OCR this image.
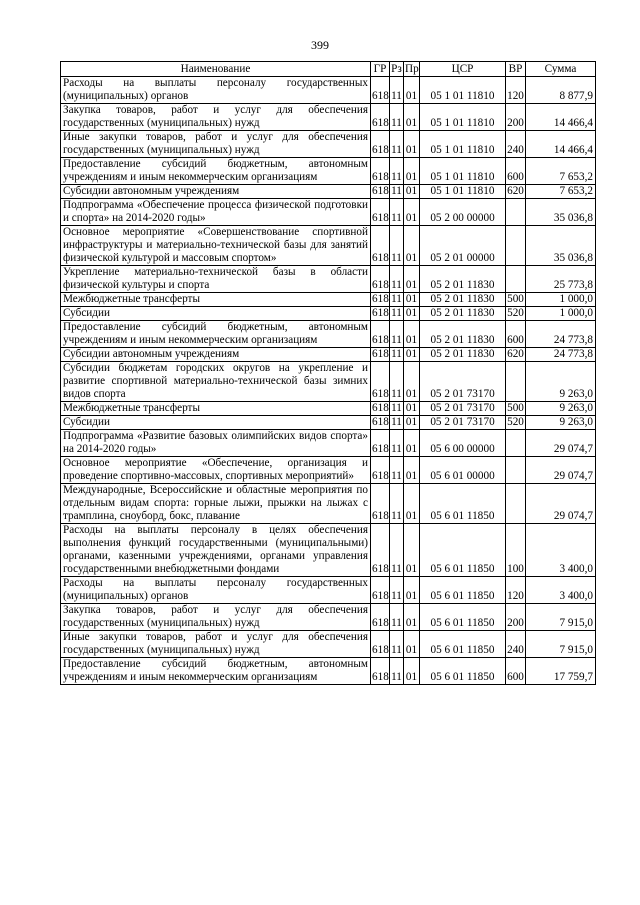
399
Наименование	ГР	Рз	Пр	ЦСР	ВР	Сумма
Расходы на выплаты персоналу государственных (муниципальных) органов	618	11	01	05 1 01 11810	120	8 877,9
Закупка товаров, работ и услуг для обеспечения государственных (муниципальных) нужд	618	11	01	05 1 01 11810	200	14 466,4
Иные закупки товаров, работ и услуг для обеспечения государственных (муниципальных) нужд	618	11	01	05 1 01 11810	240	14 466,4
Предоставление субсидий бюджетным, автономным учреждениям и иным некоммерческим организациям	618	11	01	05 1 01 11810	600	7 653,2
Субсидии автономным учреждениям	618	11	01	05 1 01 11810	620	7 653,2
Подпрограмма «Обеспечение процесса физической подготовки и спорта» на 2014-2020 годы»	618	11	01	05 2 00 00000		35 036,8
Основное мероприятие «Совершенствование спортивной инфраструктуры и материально-технической базы для занятий физической культурой и массовым спортом»	618	11	01	05 2 01 00000		35 036,8
Укрепление материально-технической базы в области физической культуры и спорта	618	11	01	05 2 01 11830		25 773,8
Межбюджетные трансферты	618	11	01	05 2 01 11830	500	1 000,0
Субсидии	618	11	01	05 2 01 11830	520	1 000,0
Предоставление субсидий бюджетным, автономным учреждениям и иным некоммерческим организациям	618	11	01	05 2 01 11830	600	24 773,8
Субсидии автономным учреждениям	618	11	01	05 2 01 11830	620	24 773,8
Субсидии бюджетам городских округов на укрепление и развитие спортивной материально-технической базы зимних видов спорта	618	11	01	05 2 01 73170		9 263,0
Межбюджетные трансферты	618	11	01	05 2 01 73170	500	9 263,0
Субсидии	618	11	01	05 2 01 73170	520	9 263,0
Подпрограмма «Развитие базовых олимпийских видов спорта» на 2014-2020 годы»	618	11	01	05 6 00 00000		29 074,7
Основное мероприятие «Обеспечение, организация и проведение спортивно-массовых, спортивных мероприятий»	618	11	01	05 6 01 00000		29 074,7
Международные, Всероссийские и областные мероприятия по отдельным видам спорта: горные лыжи, прыжки на лыжах с трамплина, сноуборд, бокс, плавание	618	11	01	05 6 01 11850		29 074,7
Расходы на выплаты персоналу в целях обеспечения выполнения функций государственными (муниципальными) органами, казенными учреждениями, органами управления государственными внебюджетными фондами	618	11	01	05 6 01 11850	100	3 400,0
Расходы на выплаты персоналу государственных (муниципальных) органов	618	11	01	05 6 01 11850	120	3 400,0
Закупка товаров, работ и услуг для обеспечения государственных (муниципальных) нужд	618	11	01	05 6 01 11850	200	7 915,0
Иные закупки товаров, работ и услуг для обеспечения государственных (муниципальных) нужд	618	11	01	05 6 01 11850	240	7 915,0
Предоставление субсидий бюджетным, автономным учреждениям и иным некоммерческим организациям	618	11	01	05 6 01 11850	600	17 759,7
